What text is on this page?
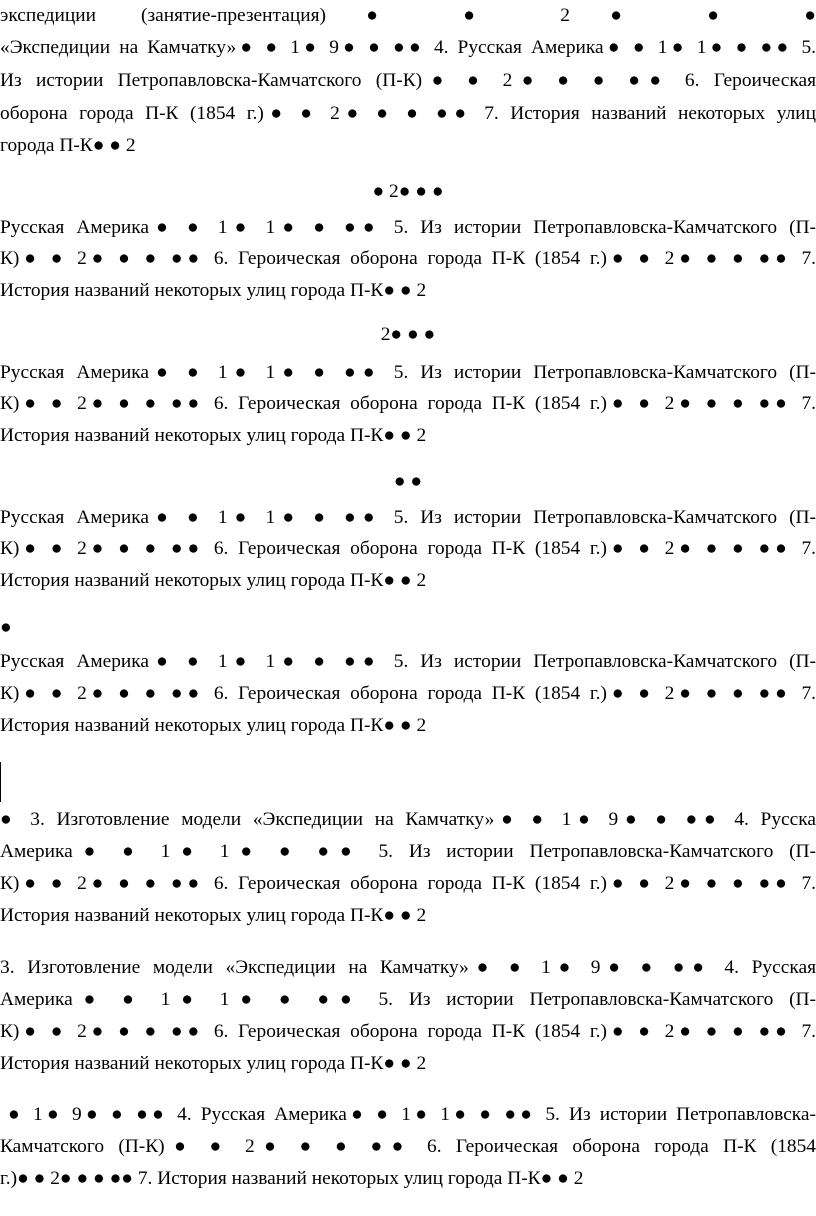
экспедиции (занятие-презентация)● ● 2● ● ●
«Экспедиции на Камчатку»● ● 1● 9● ● ●● 4. Русская Америка● ● 1● 1● ● ●● 5.
Из истории Петропавловска-Камчатского (П-К)● ● 2● ● ● ●● 6. Героическая
оборона города П-К (1854 г.)● ● 2● ● ● ●● 7. История названий некоторых улиц
города П-К● ● 2
● 2● ● ●
Русская Америка● ● 1● 1● ● ●● 5. Из истории Петропавловска-Камчатского (П-
К)● ● 2● ● ● ●● 6. Героическая оборона города П-К (1854 г.)● ● 2● ● ● ●● 7.
История названий некоторых улиц города П-К● ● 2
2● ● ●
Русская Америка● ● 1● 1● ● ●● 5. Из истории Петропавловска-Камчатского (П-
К)● ● 2● ● ● ●● 6. Героическая оборона города П-К (1854 г.)● ● 2● ● ● ●● 7.
История названий некоторых улиц города П-К● ● 2
● ●
Русская Америка● ● 1● 1● ● ●● 5. Из истории Петропавловска-Камчатского (П-
К)● ● 2● ● ● ●● 6. Героическая оборона города П-К (1854 г.)● ● 2● ● ● ●● 7.
История названий некоторых улиц города П-К● ● 2
●
Русская Америка● ● 1● 1● ● ●● 5. Из истории Петропавловска-Камчатского (П-
К)● ● 2● ● ● ●● 6. Героическая оборона города П-К (1854 г.)● ● 2● ● ● ●● 7.
История названий некоторых улиц города П-К● ● 2
● 3. Изготовление модели «Экспедиции на Камчатку»● ● 1● 9● ● ●● 4. Русска
Америка● ● 1● 1● ● ●● 5. Из истории Петропавловска-Камчатского (П-
К)● ● 2● ● ● ●● 6. Героическая оборона города П-К (1854 г.)● ● 2● ● ● ●● 7.
История названий некоторых улиц города П-К● ● 2
3. Изготовление модели «Экспедиции на Камчатку»● ● 1● 9● ● ●● 4. Русская
Америка● ● 1● 1● ● ●● 5. Из истории Петропавловска-Камчатского (П-
К)● ● 2● ● ● ●● 6. Героическая оборона города П-К (1854 г.)● ● 2● ● ● ●● 7.
История названий некоторых улиц города П-К● ● 2
● 1● 9● ● ●● 4. Русская Америка● ● 1● 1● ● ●● 5. Из истории Петропавловска-
Камчатского (П-К)● ● 2● ● ● ●● 6. Героическая оборона города П-К (1854
г.)● ● 2● ● ● ●● 7. История названий некоторых улиц города П-К● ● 2
